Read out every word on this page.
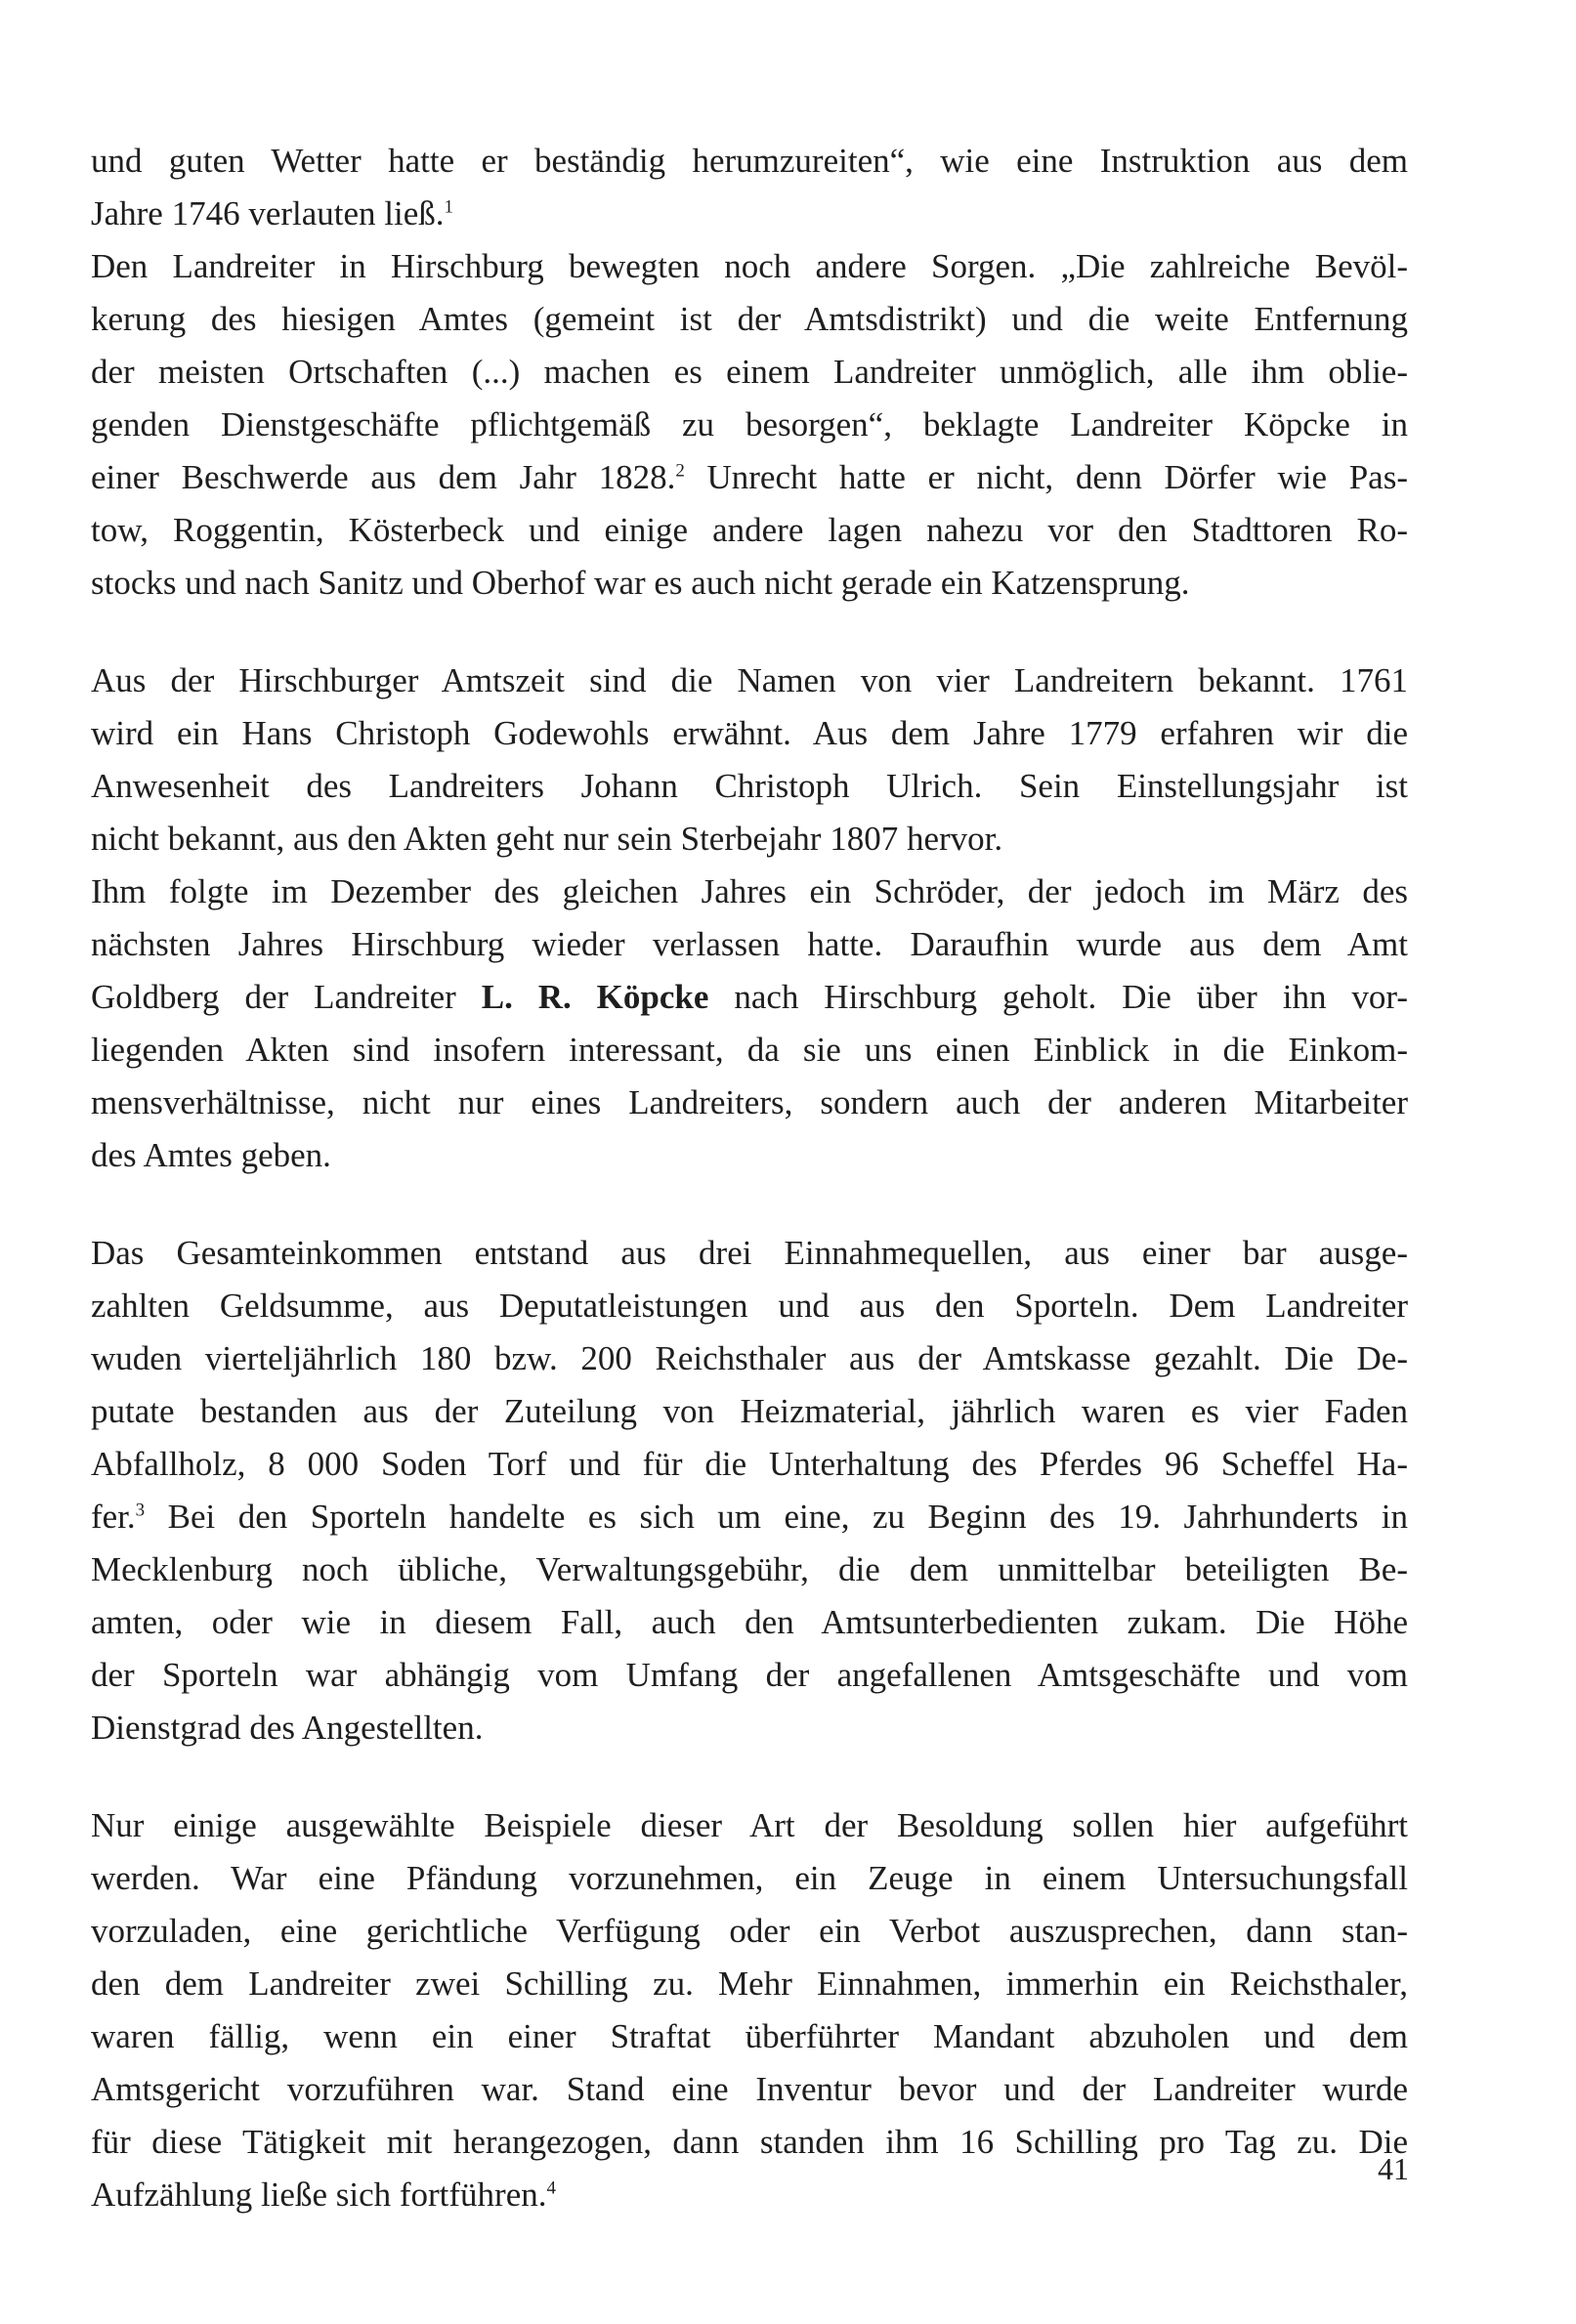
und guten Wetter hatte er beständig herumzureiten“, wie eine Instruktion aus dem
Jahre 1746 verlauten ließ.$^1$
Den Landreiter in Hirschburg bewegten noch andere Sorgen. „Die zahlreiche Bevöl-
kerung des hiesigen Amtes (gemeint ist der Amtsdistrikt) und die weite Entfernung
der meisten Ortschaften (...) machen es einem Landreiter unmöglich, alle ihm oblie-
genden Dienstgeschäfte pflichtgemäß zu besorgen“, beklagte Landreiter Köpcke in
einer Beschwerde aus dem Jahr 1828.$^2$ Unrecht hatte er nicht, denn Dörfer wie Pas-
tow, Roggentin, Kösterbeck und einige andere lagen nahezu vor den Stadttoren Ro-
stocks und nach Sanitz und Oberhof war es auch nicht gerade ein Katzensprung.
Aus der Hirschburger Amtszeit sind die Namen von vier Landreitern bekannt. 1761
wird ein Hans Christoph Godewohls erwähnt. Aus dem Jahre 1779 erfahren wir die
Anwesenheit des Landreiters Johann Christoph Ulrich. Sein Einstellungsjahr ist
nicht bekannt, aus den Akten geht nur sein Sterbejahr 1807 hervor.
Ihm folgte im Dezember des gleichen Jahres ein Schröder, der jedoch im März des
nächsten Jahres Hirschburg wieder verlassen hatte. Daraufhin wurde aus dem Amt
Goldberg der Landreiter L. R. Köpcke nach Hirschburg geholt. Die über ihn vor-
liegenden Akten sind insofern interessant, da sie uns einen Einblick in die Einkom-
mensverhältnisse, nicht nur eines Landreiters, sondern auch der anderen Mitarbeiter
des Amtes geben.
Das Gesamteinkommen entstand aus drei Einnahmequellen, aus einer bar ausge-
zahlten Geldsumme, aus Deputatleistungen und aus den Sporteln. Dem Landreiter
wuden vierteljährlich 180 bzw. 200 Reichsthaler aus der Amtskasse gezahlt. Die De-
putate bestanden aus der Zuteilung von Heizmaterial, jährlich waren es vier Faden
Abfallholz, 8 000 Soden Torf und für die Unterhaltung des Pferdes 96 Scheffel Ha-
fer.$^3$ Bei den Sporteln handelte es sich um eine, zu Beginn des 19. Jahrhunderts in
Mecklenburg noch übliche, Verwaltungsgebühr, die dem unmittelbar beteiligten Be-
amten, oder wie in diesem Fall, auch den Amtsunterbedienten zukam. Die Höhe
der Sporteln war abhängig vom Umfang der angefallenen Amtsgeschäfte und vom
Dienstgrad des Angestellten.
Nur einige ausgewählte Beispiele dieser Art der Besoldung sollen hier aufgeführt
werden. War eine Pfändung vorzunehmen, ein Zeuge in einem Untersuchungsfall
vorzuladen, eine gerichtliche Verfügung oder ein Verbot auszusprechen, dann stan-
den dem Landreiter zwei Schilling zu. Mehr Einnahmen, immerhin ein Reichsthaler,
waren fällig, wenn ein einer Straftat überführter Mandant abzuholen und dem
Amtsgericht vorzuführen war. Stand eine Inventur bevor und der Landreiter wurde
für diese Tätigkeit mit herangezogen, dann standen ihm 16 Schilling pro Tag zu. Die
Aufzählung ließe sich fortführen.$^4$
41
